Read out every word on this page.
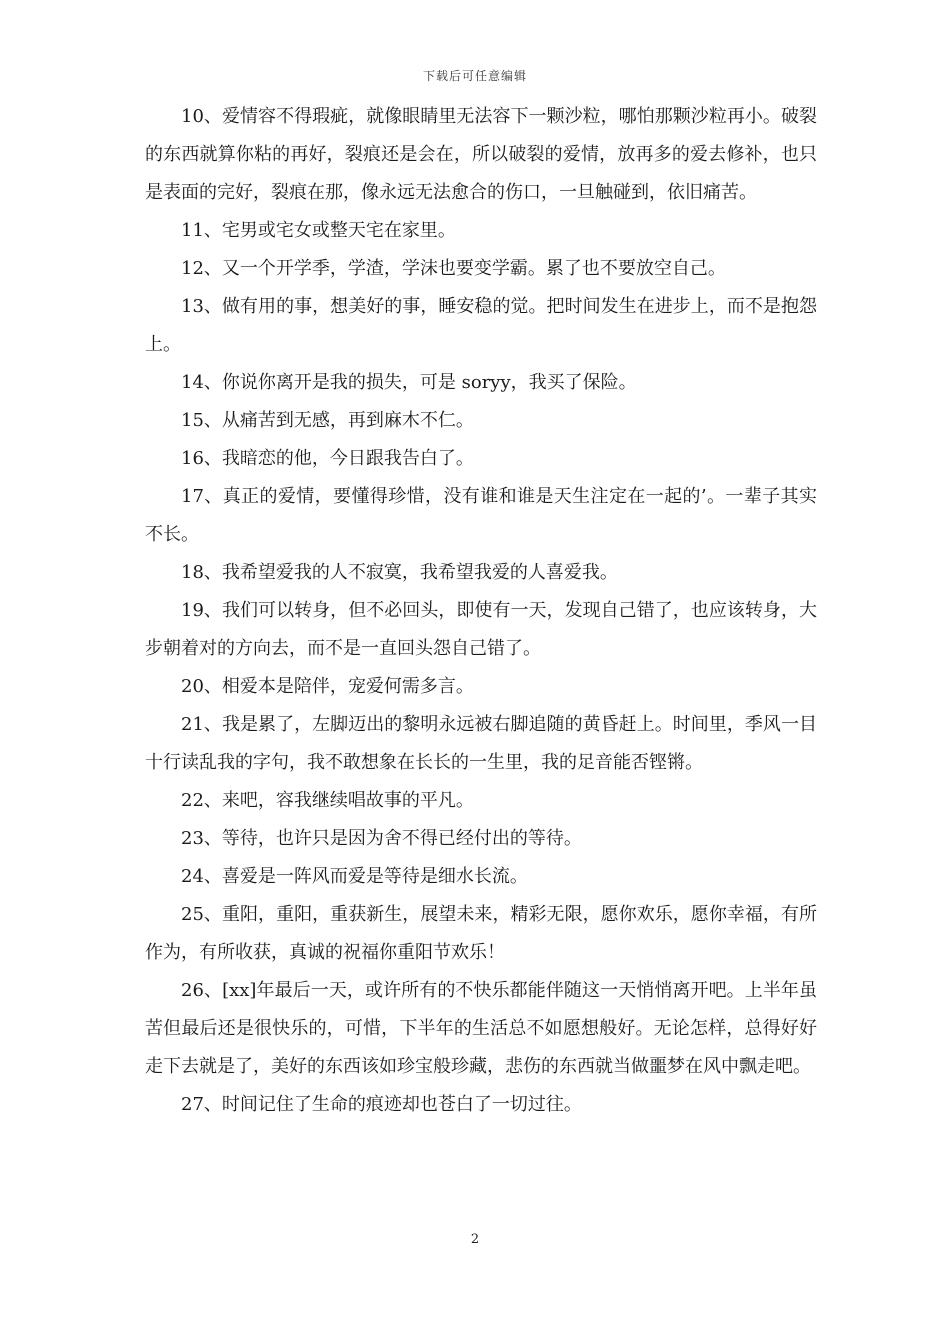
下载后可任意编辑

10、爱情容不得瑕疵，就像眼睛里无法容下一颗沙粒，哪怕那颗沙粒再小。破裂的东西就算你粘的再好，裂痕还是会在，所以破裂的爱情，放再多的爱去修补，也只是表面的完好，裂痕在那，像永远无法愈合的伤口，一旦触碰到，依旧痛苦。

11、宅男或宅女或整天宅在家里。

12、又一个开学季，学渣，学沫也要变学霸。累了也不要放空自己。

13、做有用的事，想美好的事，睡安稳的觉。把时间发生在进步上，而不是抱怨上。

14、你说你离开是我的损失，可是 soryy，我买了保险。

15、从痛苦到无感，再到麻木不仁。

16、我暗恋的他，今日跟我告白了。

17、真正的爱情，要懂得珍惜，没有谁和谁是天生注定在一起的’。一辈子其实不长。

18、我希望爱我的人不寂寞，我希望我爱的人喜爱我。

19、我们可以转身，但不必回头，即使有一天，发现自己错了，也应该转身，大步朝着对的方向去，而不是一直回头怨自己错了。

20、相爱本是陪伴，宠爱何需多言。

21、我是累了，左脚迈出的黎明永远被右脚追随的黄昏赶上。时间里，季风一目十行读乱我的字句，我不敢想象在长长的一生里，我的足音能否铿锵。

22、来吧，容我继续唱故事的平凡。

23、等待，也许只是因为舍不得已经付出的等待。

24、喜爱是一阵风而爱是等待是细水长流。

25、重阳，重阳，重获新生，展望未来，精彩无限，愿你欢乐，愿你幸福，有所作为，有所收获，真诚的祝福你重阳节欢乐！

26、[xx]年最后一天，或许所有的不快乐都能伴随这一天悄悄离开吧。上半年虽苦但最后还是很快乐的，可惜，下半年的生活总不如愿想般好。无论怎样，总得好好走下去就是了，美好的东西该如珍宝般珍藏，悲伤的东西就当做噩梦在风中飘走吧。

27、时间记住了生命的痕迹却也苍白了一切过往。

2
